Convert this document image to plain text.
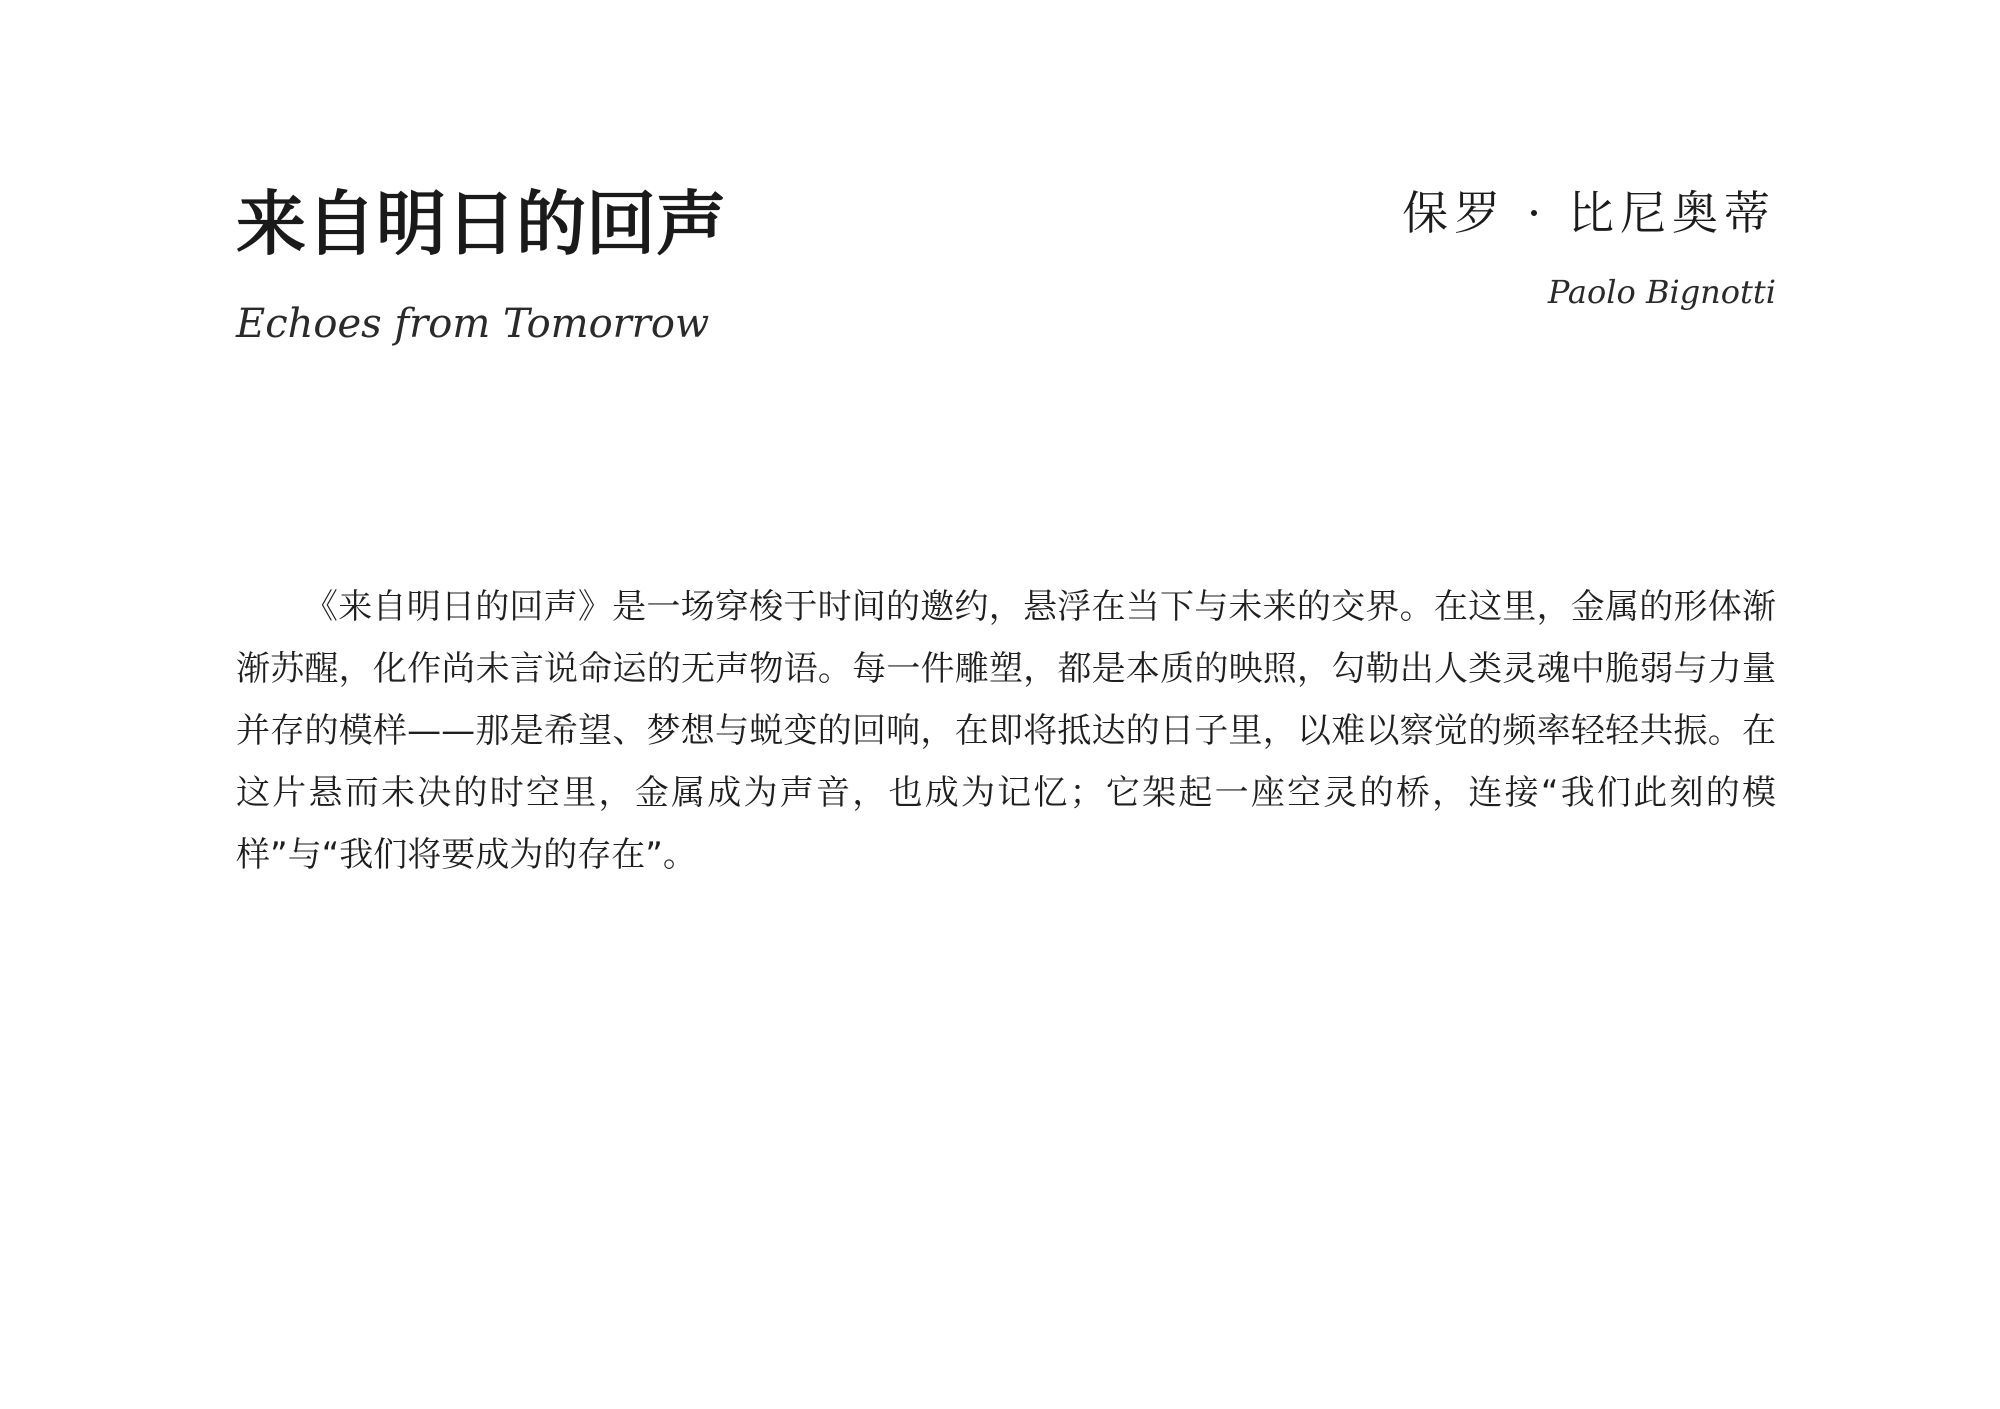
来自明日的回声

Echoes from Tomorrow

保罗 · 比尼奥蒂

Paolo Bignotti

《来自明日的回声》是一场穿梭于时间的邀约，悬浮在当下与未来的交界。在这里，金属的形体渐渐苏醒，化作尚未言说命运的无声物语。每一件雕塑，都是本质的映照，勾勒出人类灵魂中脆弱与力量并存的模样——那是希望、梦想与蜕变的回响，在即将抵达的日子里，以难以察觉的频率轻轻共振。在这片悬而未决的时空里，金属成为声音，也成为记忆；它架起一座空灵的桥，连接“我们此刻的模样”与“我们将要成为的存在”。
